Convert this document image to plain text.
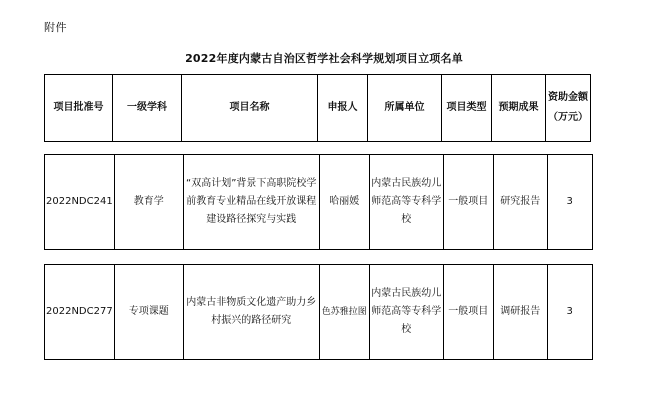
附件
2022年度内蒙古自治区哲学社会科学规划项目立项名单
项目批准号	一级学科	项目名称	申报人	所属单位	项目类型	预期成果	资助金额
（万元）
2022NDC241	教育学	“双高计划”背景下高职院校学前教育专业精品在线开放课程建设路径探究与实践	哈丽媛	内蒙古民族幼儿师范高等专科学校	一般项目	研究报告	3
2022NDC277	专项课题	内蒙古非物质文化遗产助力乡村振兴的路径研究	色苏雅拉图	内蒙古民族幼儿师范高等专科学校	一般项目	调研报告	3
